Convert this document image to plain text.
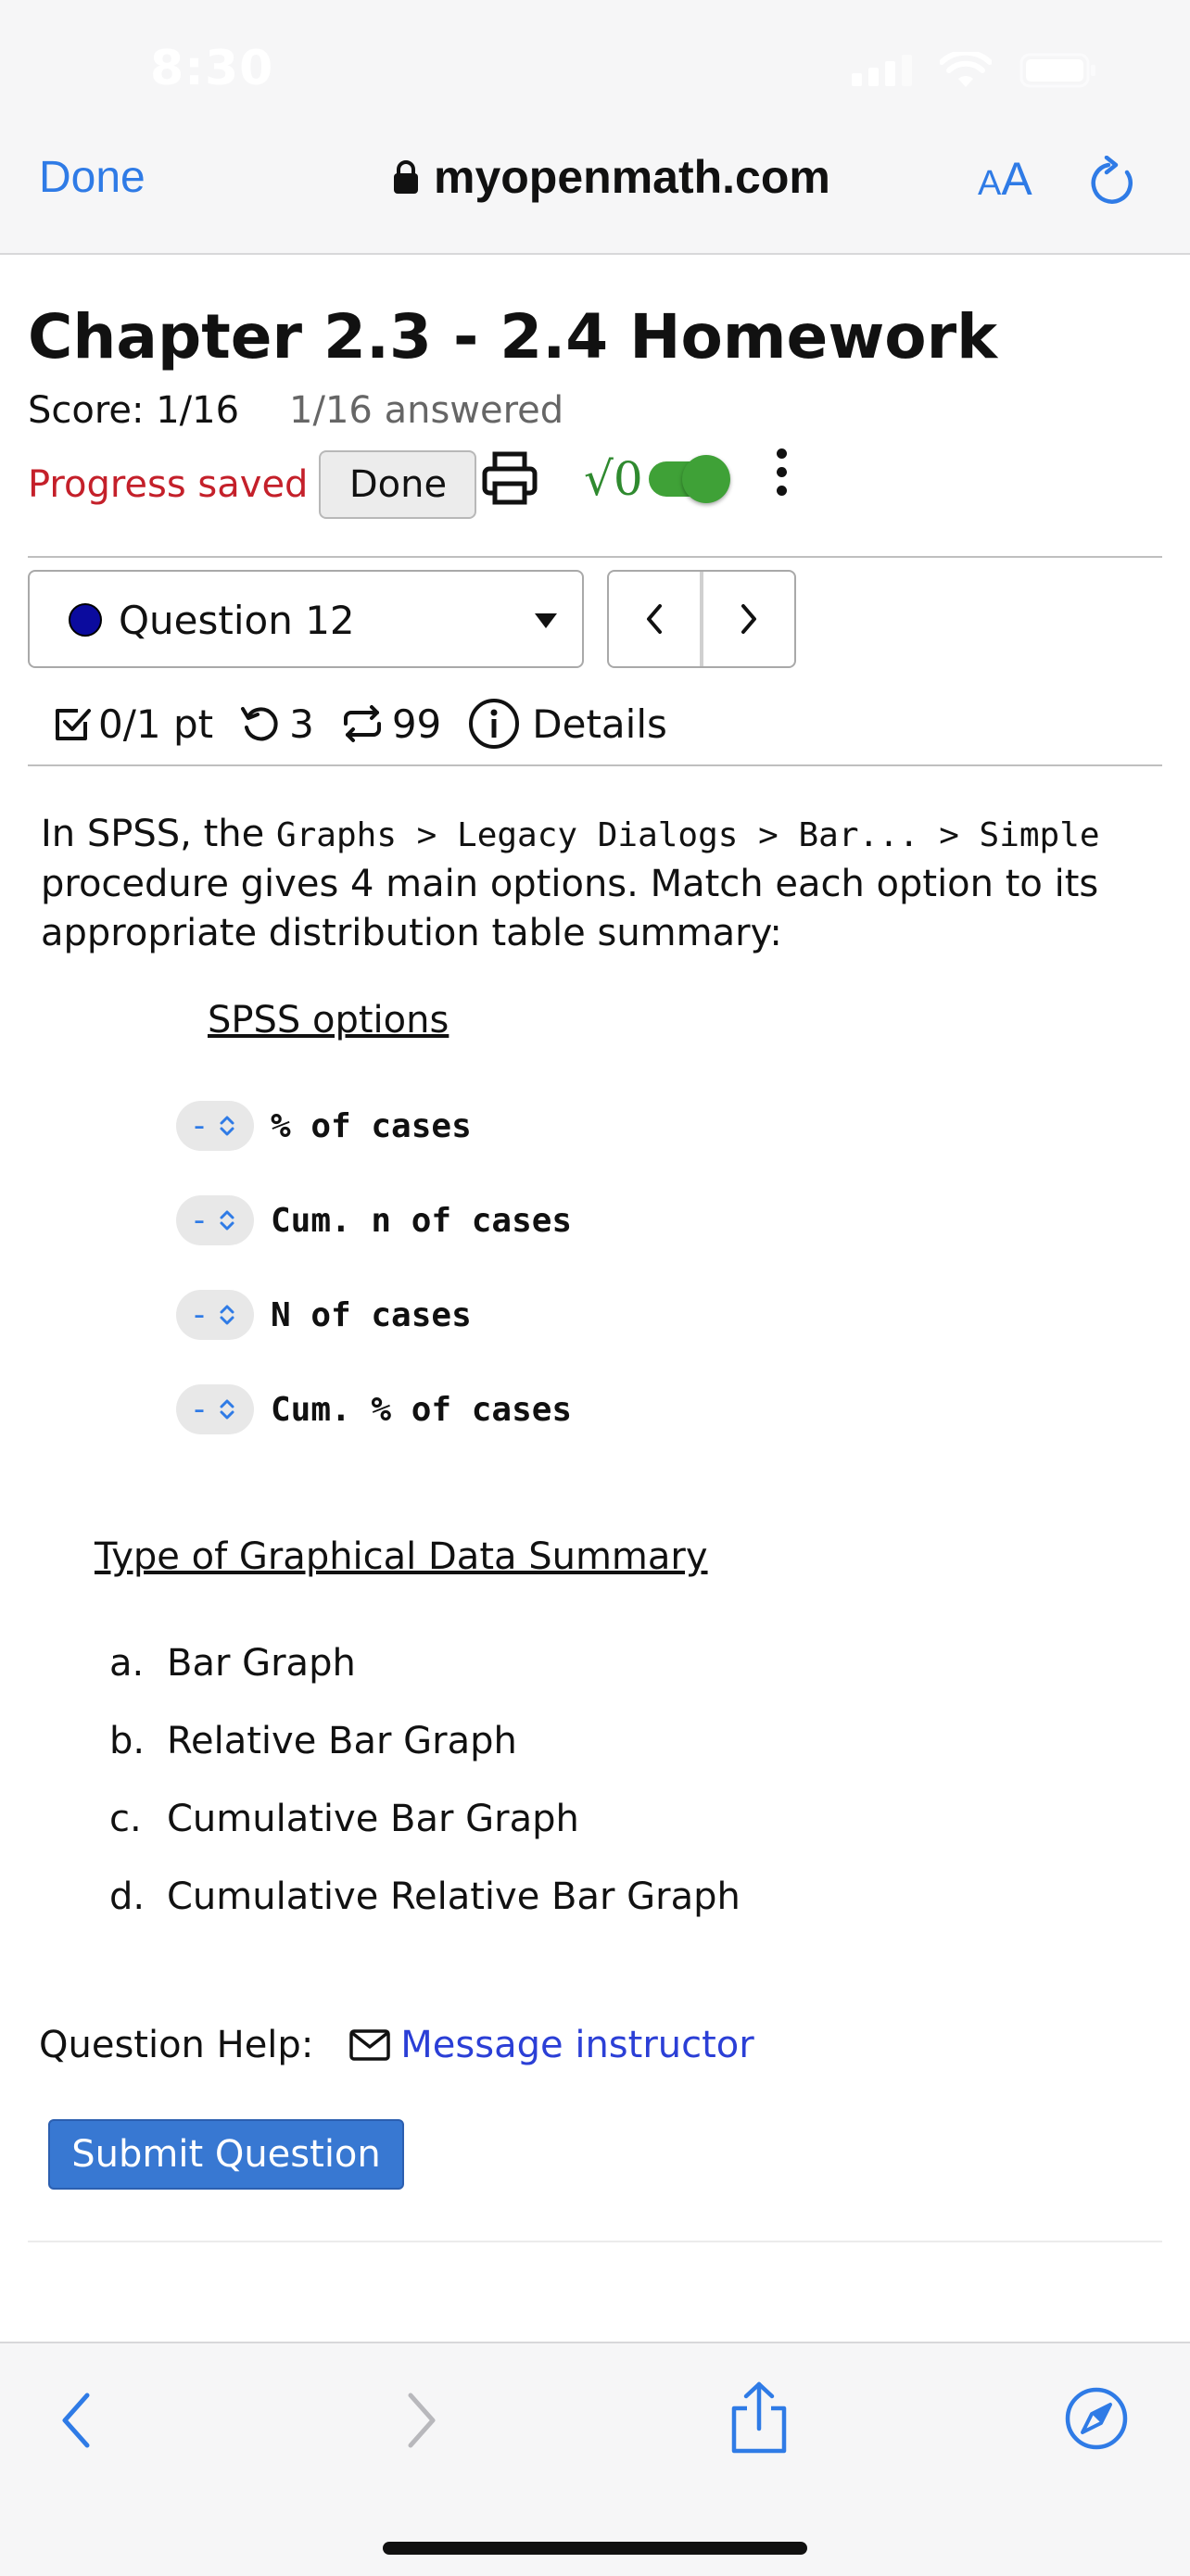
8:30
Done	myopenmath.com	AA
Chapter 2.3 - 2.4 Homework
Score: 1/16 1/16 answered
Progress saved	Done	√0
Question 12
0/1 pt 3 99 Details
In SPSS, the Graphs > Legacy Dialogs > Bar... > Simple procedure gives 4 main options. Match each option to its appropriate distribution table summary:
SPSS options
- % of cases
- Cum. n of cases
- N of cases
- Cum. % of cases
Type of Graphical Data Summary
a. Bar Graph
b. Relative Bar Graph
c. Cumulative Bar Graph
d. Cumulative Relative Bar Graph
Question Help: Message instructor
Submit Question
